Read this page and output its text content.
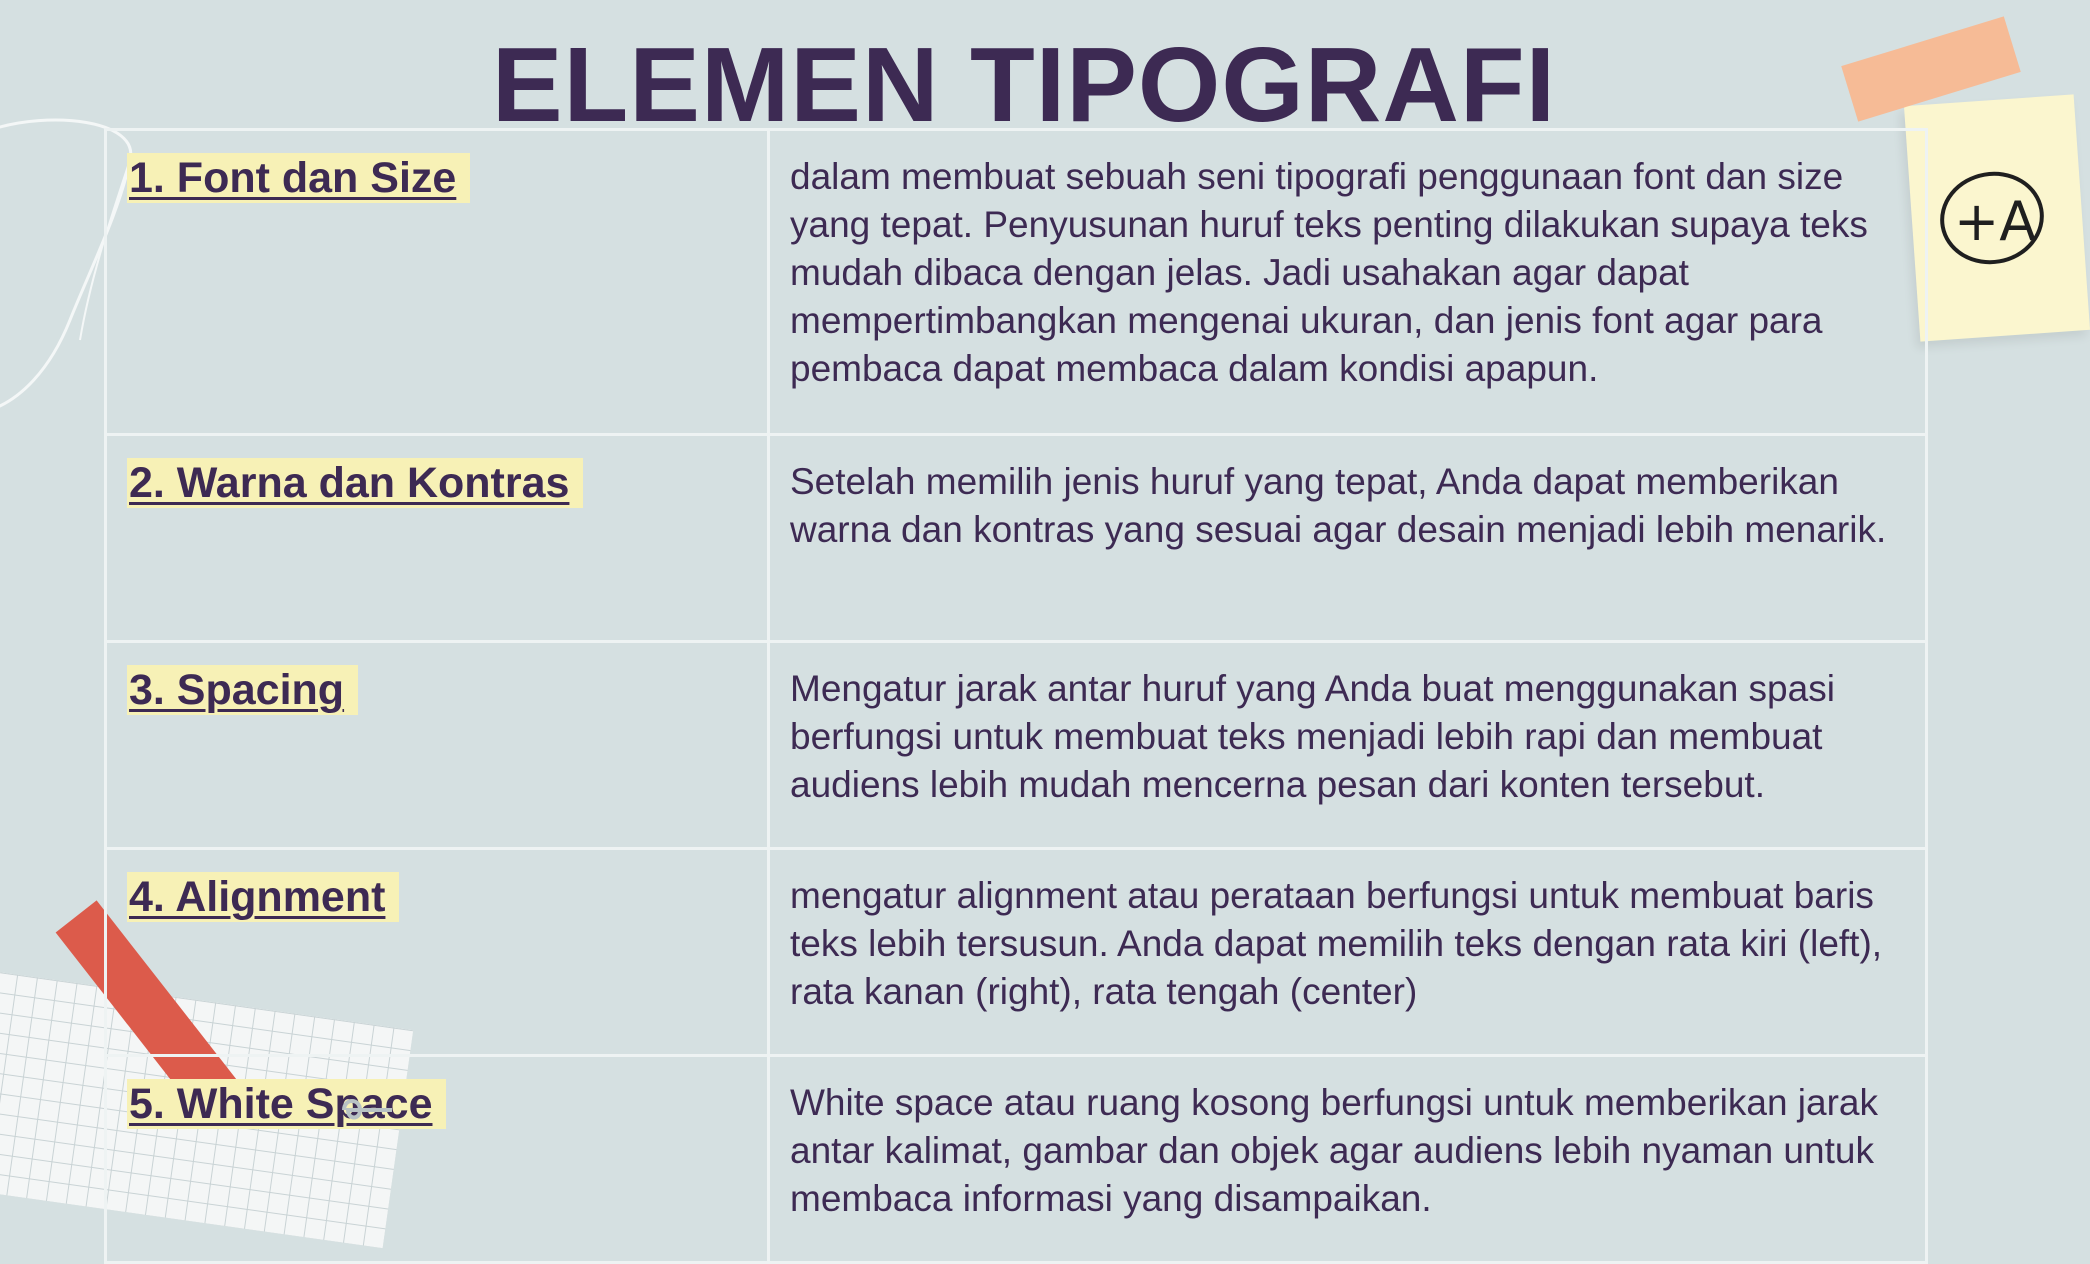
+A
ELEMEN TIPOGRAFI
1. Font dan Size	dalam membuat sebuah seni tipografi penggunaan font dan size yang tepat. Penyusunan huruf teks penting dilakukan supaya teks mudah dibaca dengan jelas. Jadi usahakan agar dapat mempertimbangkan mengenai ukuran, dan jenis font agar para pembaca dapat membaca dalam kondisi apapun.

2. Warna dan Kontras	Setelah memilih jenis huruf yang tepat, Anda dapat memberikan warna dan kontras yang sesuai agar desain menjadi lebih menarik.

3. Spacing	Mengatur jarak antar huruf yang Anda buat menggunakan spasi berfungsi untuk membuat teks menjadi lebih rapi dan membuat audiens lebih mudah mencerna pesan dari konten tersebut.

4. Alignment	mengatur alignment atau perataan berfungsi untuk membuat baris teks lebih tersusun. Anda dapat memilih teks dengan rata kiri (left), rata kanan (right), rata tengah (center)

5. White Space	White space atau ruang kosong berfungsi untuk memberikan jarak antar kalimat, gambar dan objek agar audiens lebih nyaman untuk membaca informasi yang disampaikan.
